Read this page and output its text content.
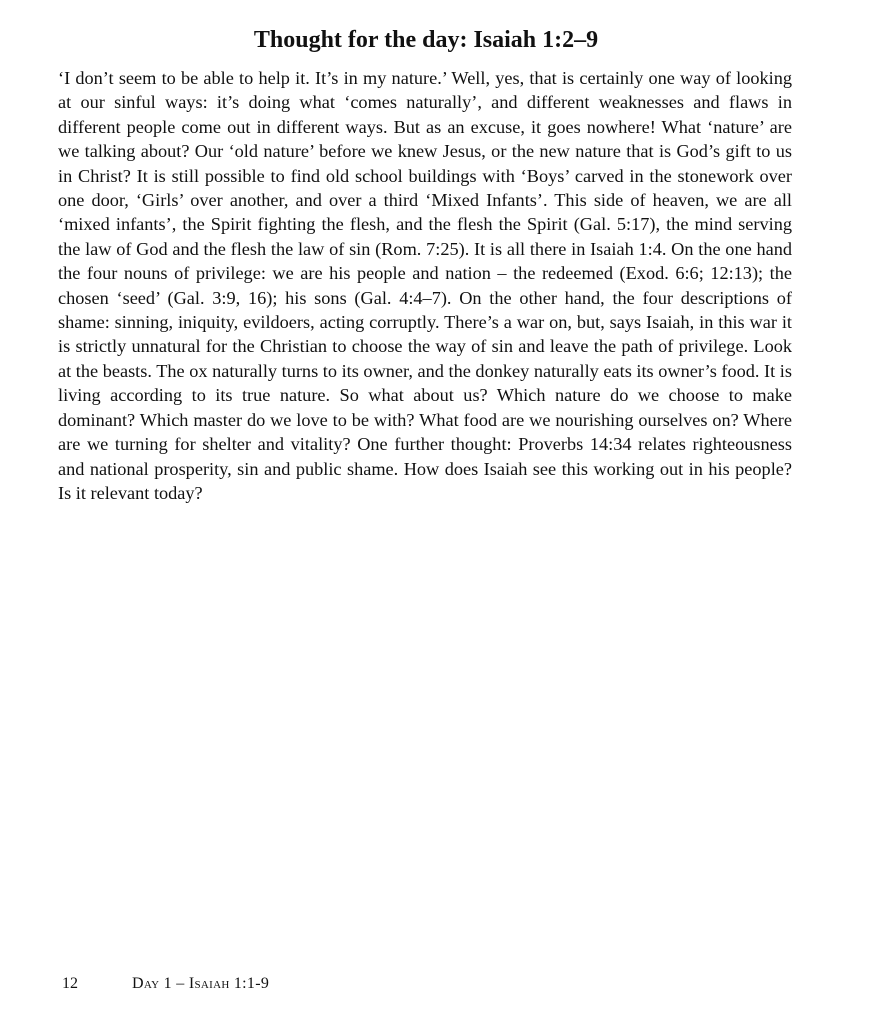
Thought for the day: Isaiah 1:2–9

‘I don’t seem to be able to help it. It’s in my nature.’ Well, yes, that is certainly one way of looking at our sinful ways: it’s doing what ‘comes naturally’, and different weaknesses and flaws in different people come out in different ways. But as an excuse, it goes nowhere! What ‘nature’ are we talking about? Our ‘old nature’ before we knew Jesus, or the new nature that is God’s gift to us in Christ? It is still possible to find old school buildings with ‘Boys’ carved in the stonework over one door, ‘Girls’ over another, and over a third ‘Mixed Infants’. This side of heaven, we are all ‘mixed infants’, the Spirit fighting the flesh, and the flesh the Spirit (Gal. 5:17), the mind serving the law of God and the flesh the law of sin (Rom. 7:25). It is all there in Isaiah 1:4. On the one hand the four nouns of privilege: we are his people and nation – the redeemed (Exod. 6:6; 12:13); the chosen ‘seed’ (Gal. 3:9, 16); his sons (Gal. 4:4–7). On the other hand, the four descriptions of shame: sinning, iniquity, evildoers, acting corruptly. There’s a war on, but, says Isaiah, in this war it is strictly unnatural for the Christian to choose the way of sin and leave the path of privilege. Look at the beasts. The ox naturally turns to its owner, and the donkey naturally eats its owner’s food. It is living according to its true nature. So what about us? Which nature do we choose to make dominant? Which master do we love to be with? What food are we nourishing ourselves on? Where are we turning for shelter and vitality? One further thought: Proverbs 14:34 relates righteousness and national prosperity, sin and public shame. How does Isaiah see this working out in his people? Is it relevant today?

12	Day 1 – Isaiah 1:1-9
